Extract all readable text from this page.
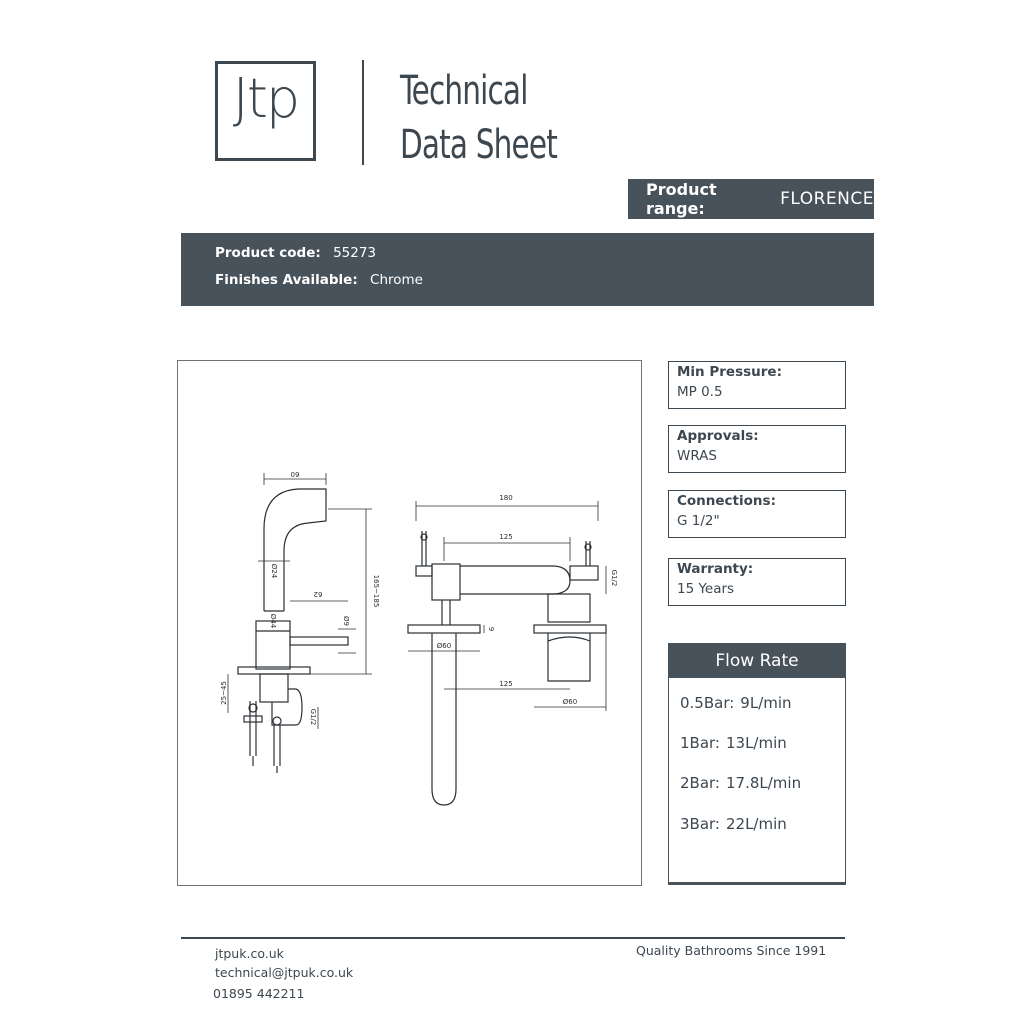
Jtp	Technical
Data Sheet
Product range:	FLORENCE
Product code: 55273
Finishes Available: Chrome
60
Ø24
62	165~185
Ø44	Ø9
25~45
G1/2
180
125
G1/2
9
Ø60
125
Ø60
Min Pressure:
MP 0.5
Approvals:
WRAS
Connections:
G 1/2"
Warranty:
15 Years
Flow Rate
0.5Bar: 9L/min
1Bar: 13L/min
2Bar: 17.8L/min
3Bar: 22L/min
jtpuk.co.uk
technical@jtpuk.co.uk
01895 442211
Quality Bathrooms Since 1991
